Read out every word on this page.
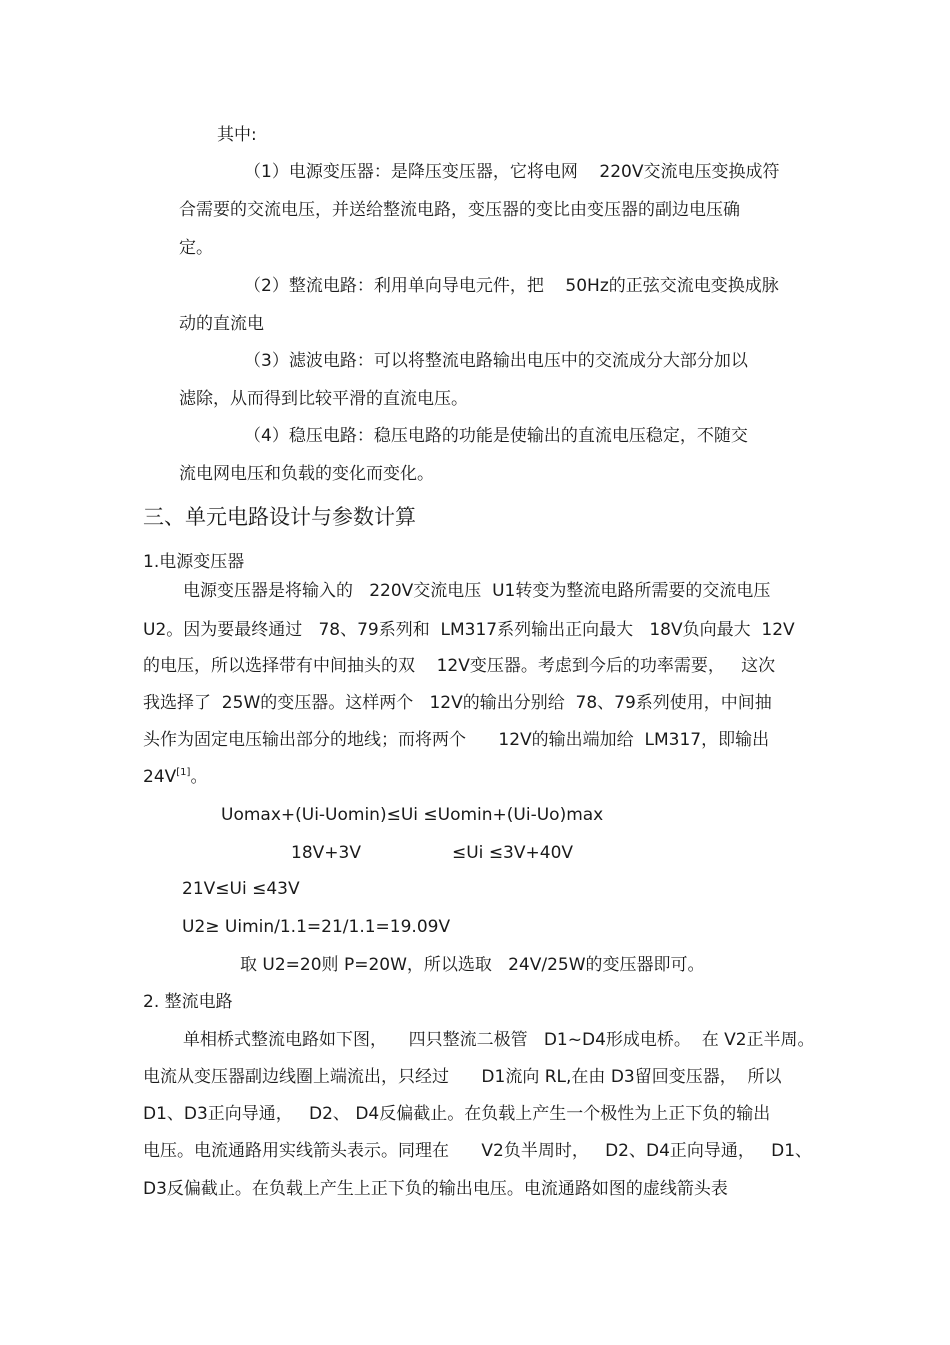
其中:
（1）电源变压器：是降压变压器，它将电网    220V交流电压变换成符
合需要的交流电压，并送给整流电路，变压器的变比由变压器的副边电压确
定。
（2）整流电路：利用单向导电元件，把    50Hz的正弦交流电变换成脉
动的直流电
（3）滤波电路：可以将整流电路输出电压中的交流成分大部分加以
滤除，从而得到比较平滑的直流电压。
（4）稳压电路：稳压电路的功能是使输出的直流电压稳定，不随交
流电网电压和负载的变化而变化。
三、单元电路设计与参数计算
1.电源变压器
电源变压器是将输入的   220V交流电压  U1转变为整流电路所需要的交流电压
U2。因为要最终通过   78、79系列和  LM317系列输出正向最大   18V负向最大  12V
的电压，所以选择带有中间抽头的双    12V变压器。考虑到今后的功率需要，   这次
我选择了  25W的变压器。这样两个   12V的输出分别给  78、79系列使用，中间抽
头作为固定电压输出部分的地线；而将两个      12V的输出端加给  LM317，即输出
24V[1]。
Uomax+(Ui-Uomin)≤Ui ≤Uomin+(Ui-Uo)max
18V+3V	≤Ui ≤3V+40V
21V≤Ui ≤43V
U2≥ Uimin/1.1=21/1.1=19.09V
取 U2=20则 P=20W，所以选取   24V/25W的变压器即可。
2. 整流电路
单相桥式整流电路如下图，    四只整流二极管   D1~D4形成电桥。  在 V2正半周。
电流从变压器副边线圈上端流出，只经过      D1流向 RL,在由 D3留回变压器，  所以
D1、D3正向导通，   D2、 D4反偏截止。在负载上产生一个极性为上正下负的输出
电压。电流通路用实线箭头表示。同理在      V2负半周时，   D2、D4正向导通，   D1、
D3反偏截止。在负载上产生上正下负的输出电压。电流通路如图的虚线箭头表
